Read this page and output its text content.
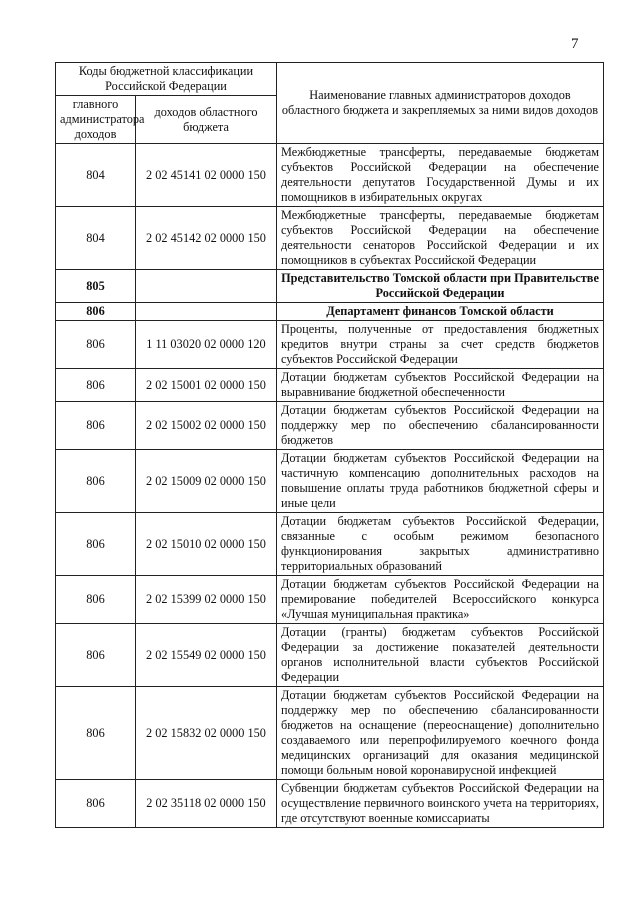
7
Коды бюджетной классификации Российской Федерации		Наименование главных администраторов доходов областного бюджета и закрепляемых за ними видов доходов
главного администратора доходов	доходов областного бюджета	
804	2 02 45141 02 0000 150	Межбюджетные трансферты, передаваемые бюджетам субъектов Российской Федерации на обеспечение деятельности депутатов Государственной Думы и их помощников в избирательных округах
804	2 02 45142 02 0000 150	Межбюджетные трансферты, передаваемые бюджетам субъектов Российской Федерации на обеспечение деятельности сенаторов Российской Федерации и их помощников в субъектах Российской Федерации
805		Представительство Томской области при Правительстве Российской Федерации
806		Департамент финансов Томской области
806	1 11 03020 02 0000 120	Проценты, полученные от предоставления бюджетных кредитов внутри страны за счет средств бюджетов субъектов Российской Федерации
806	2 02 15001 02 0000 150	Дотации бюджетам субъектов Российской Федерации на выравнивание бюджетной обеспеченности
806	2 02 15002 02 0000 150	Дотации бюджетам субъектов Российской Федерации на поддержку мер по обеспечению сбалансированности бюджетов
806	2 02 15009 02 0000 150	Дотации бюджетам субъектов Российской Федерации на частичную компенсацию дополнительных расходов на повышение оплаты труда работников бюджетной сферы и иные цели
806	2 02 15010 02 0000 150	Дотации бюджетам субъектов Российской Федерации, связанные с особым режимом безопасного функционирования закрытых административно территориальных образований
806	2 02 15399 02 0000 150	Дотации бюджетам субъектов Российской Федерации на премирование победителей Всероссийского конкурса «Лучшая муниципальная практика»
806	2 02 15549 02 0000 150	Дотации (гранты) бюджетам субъектов Российской Федерации за достижение показателей деятельности органов исполнительной власти субъектов Российской Федерации
806	2 02 15832 02 0000 150	Дотации бюджетам субъектов Российской Федерации на поддержку мер по обеспечению сбалансированности бюджетов на оснащение (переоснащение) дополнительно создаваемого или перепрофилируемого коечного фонда медицинских организаций для оказания медицинской помощи больным новой коронавирусной инфекцией
806	2 02 35118 02 0000 150	Субвенции бюджетам субъектов Российской Федерации на осуществление первичного воинского учета на территориях, где отсутствуют военные комиссариаты
